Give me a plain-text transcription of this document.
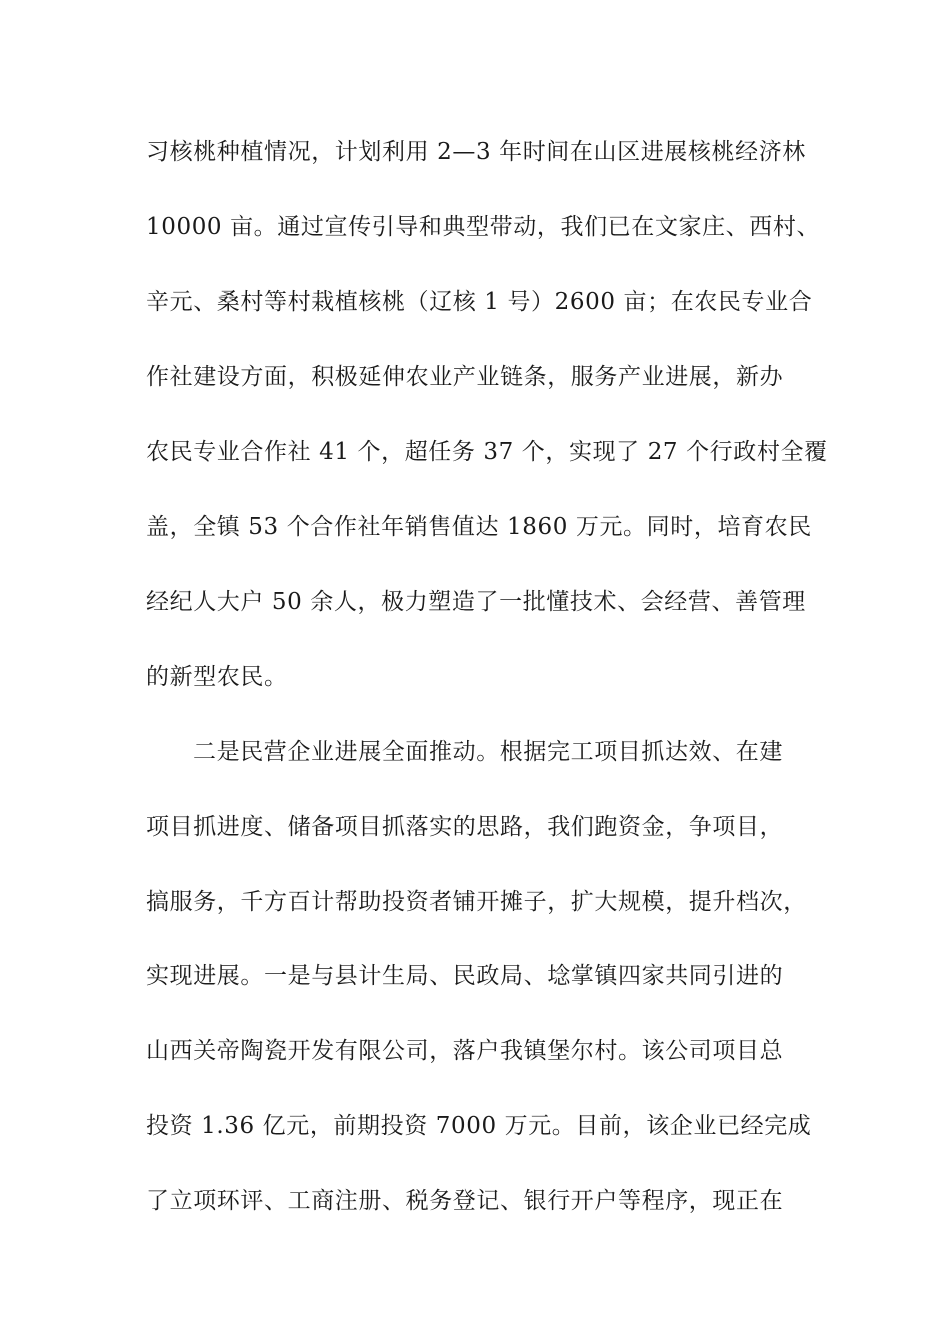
习核桃种植情况，计划利用 2—3 年时间在山区进展核桃经济林
10000 亩。通过宣传引导和典型带动，我们已在文家庄、西村、
辛元、桑村等村栽植核桃（辽核 1 号）2600 亩；在农民专业合
作社建设方面，积极延伸农业产业链条，服务产业进展，新办
农民专业合作社 41 个，超任务 37 个，实现了 27 个行政村全覆
盖，全镇 53 个合作社年销售值达 1860 万元。同时，培育农民
经纪人大户 50 余人，极力塑造了一批懂技术、会经营、善管理
的新型农民。
二是民营企业进展全面推动。根据完工项目抓达效、在建
项目抓进度、储备项目抓落实的思路，我们跑资金，争项目，
搞服务，千方百计帮助投资者铺开摊子，扩大规模，提升档次，
实现进展。一是与县计生局、民政局、埝掌镇四家共同引进的
山西关帝陶瓷开发有限公司，落户我镇堡尔村。该公司项目总
投资 1.36 亿元，前期投资 7000 万元。目前，该企业已经完成
了立项环评、工商注册、税务登记、银行开户等程序，现正在
